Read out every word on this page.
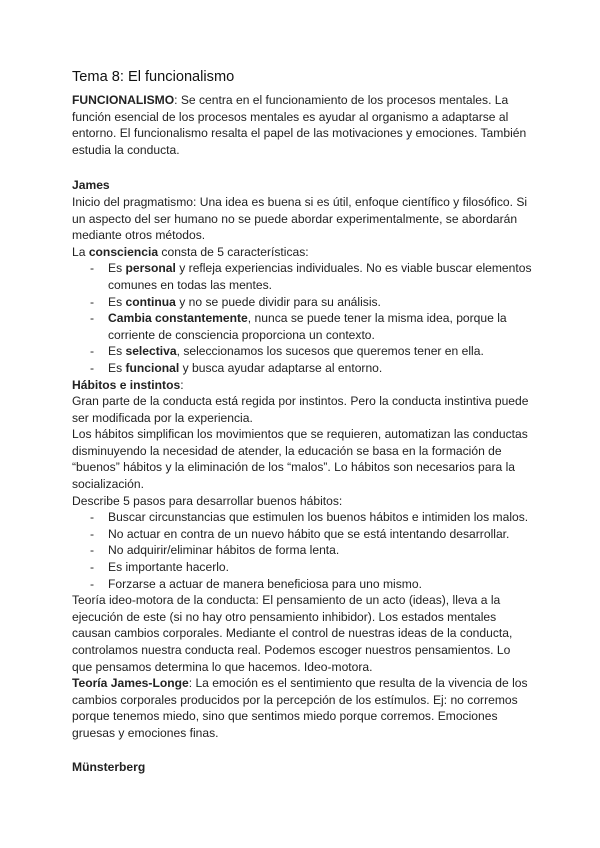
Tema 8: El funcionalismo

FUNCIONALISMO: Se centra en el funcionamiento de los procesos mentales. La función esencial de los procesos mentales es ayudar al organismo a adaptarse al entorno. El funcionalismo resalta el papel de las motivaciones y emociones. También estudia la conducta.

James

Inicio del pragmatismo: Una idea es buena si es útil, enfoque científico y filosófico. Si un aspecto del ser humano no se puede abordar experimentalmente, se abordarán mediante otros métodos.

La consciencia consta de 5 características:

- Es personal y refleja experiencias individuales. No es viable buscar elementos comunes en todas las mentes.
- Es continua y no se puede dividir para su análisis.
- Cambia constantemente, nunca se puede tener la misma idea, porque la corriente de consciencia proporciona un contexto.
- Es selectiva, seleccionamos los sucesos que queremos tener en ella.
- Es funcional y busca ayudar adaptarse al entorno.

Hábitos e instintos:

Gran parte de la conducta está regida por instintos. Pero la conducta instintiva puede ser modificada por la experiencia.

Los hábitos simplifican los movimientos que se requieren, automatizan las conductas disminuyendo la necesidad de atender, la educación se basa en la formación de “buenos” hábitos y la eliminación de los “malos”. Lo hábitos son necesarios para la socialización.

Describe 5 pasos para desarrollar buenos hábitos:

- Buscar circunstancias que estimulen los buenos hábitos e intimiden los malos.
- No actuar en contra de un nuevo hábito que se está intentando desarrollar.
- No adquirir/eliminar hábitos de forma lenta.
- Es importante hacerlo.
- Forzarse a actuar de manera beneficiosa para uno mismo.

Teoría ideo-motora de la conducta: El pensamiento de un acto (ideas), lleva a la ejecución de este (si no hay otro pensamiento inhibidor). Los estados mentales causan cambios corporales. Mediante el control de nuestras ideas de la conducta, controlamos nuestra conducta real. Podemos escoger nuestros pensamientos. Lo que pensamos determina lo que hacemos. Ideo-motora.

Teoría James-Longe: La emoción es el sentimiento que resulta de la vivencia de los cambios corporales producidos por la percepción de los estímulos. Ej: no corremos porque tenemos miedo, sino que sentimos miedo porque corremos. Emociones gruesas y emociones finas.

Münsterberg
